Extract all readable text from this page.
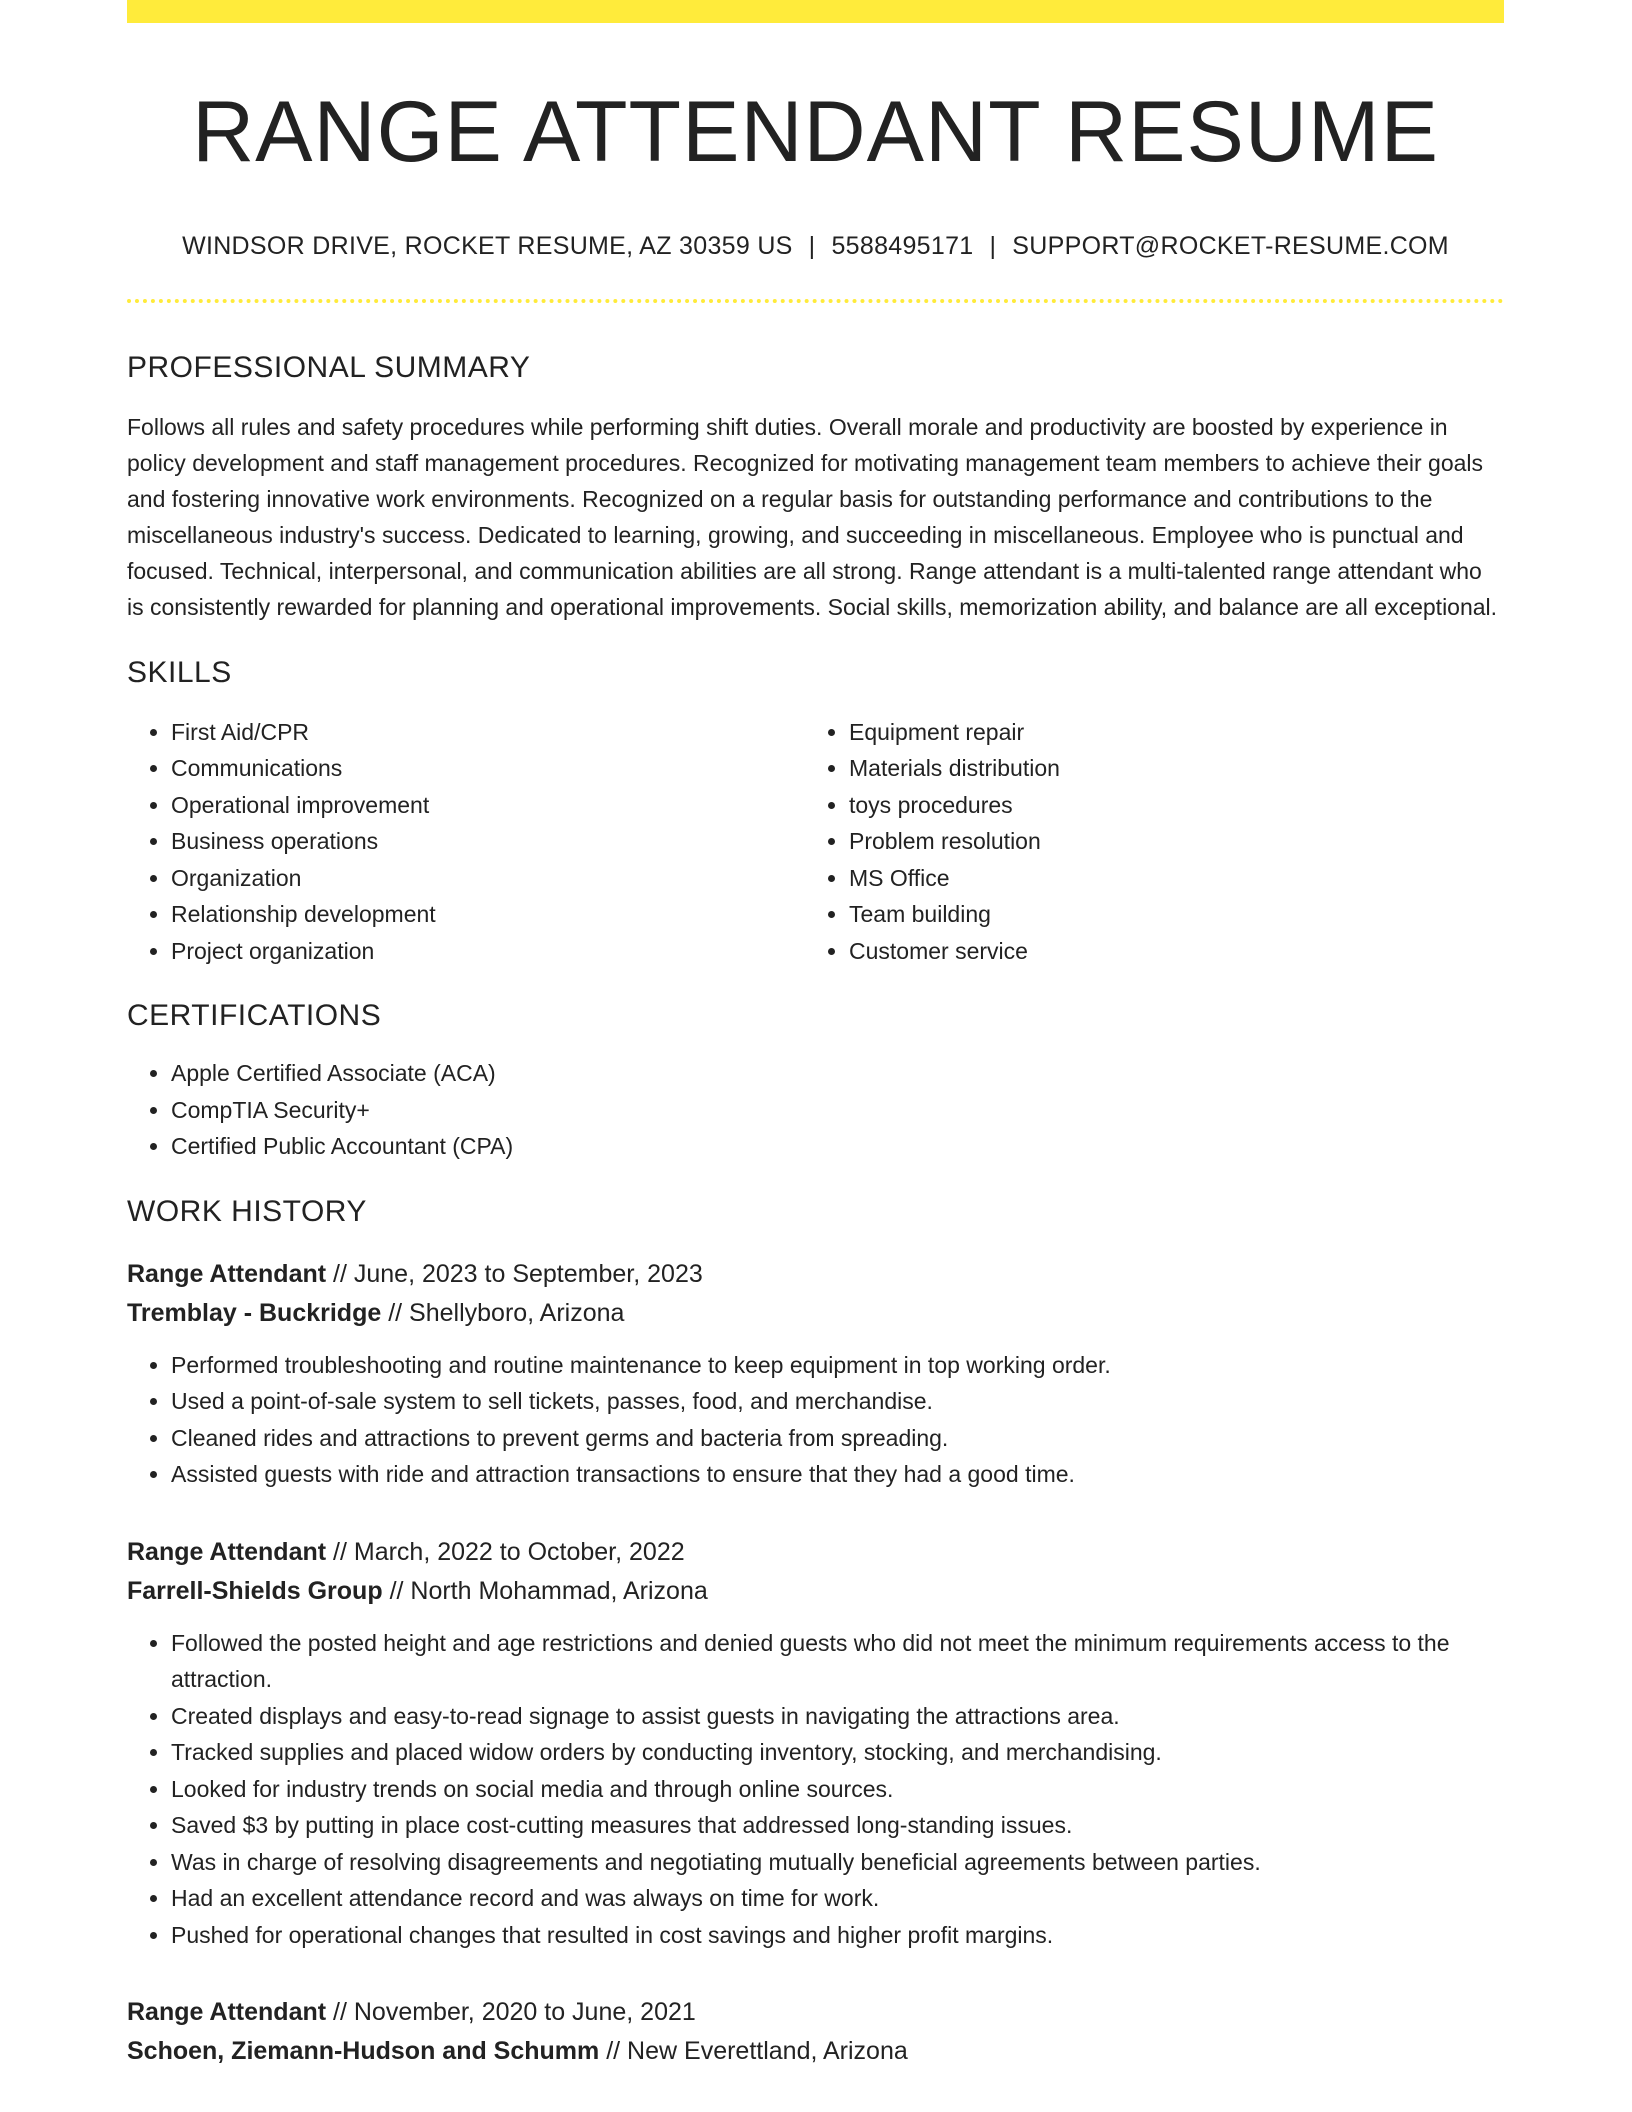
RANGE ATTENDANT RESUME
WINDSOR DRIVE, ROCKET RESUME, AZ 30359 US | 5588495171 | SUPPORT@ROCKET-RESUME.COM
PROFESSIONAL SUMMARY

Follows all rules and safety procedures while performing shift duties. Overall morale and productivity are boosted by experience in policy development and staff management procedures. Recognized for motivating management team members to achieve their goals and fostering innovative work environments. Recognized on a regular basis for outstanding performance and contributions to the miscellaneous industry's success. Dedicated to learning, growing, and succeeding in miscellaneous. Employee who is punctual and focused. Technical, interpersonal, and communication abilities are all strong. Range attendant is a multi-talented range attendant who is consistently rewarded for planning and operational improvements. Social skills, memorization ability, and balance are all exceptional.

SKILLS
• First Aid/CPR
• Communications
• Operational improvement
• Business operations
• Organization
• Relationship development
• Project organization
• Equipment repair
• Materials distribution
• toys procedures
• Problem resolution
• MS Office
• Team building
• Customer service
CERTIFICATIONS
• Apple Certified Associate (ACA)
• CompTIA Security+
• Certified Public Accountant (CPA)
WORK HISTORY
Range Attendant // June, 2023 to September, 2023
Tremblay - Buckridge // Shellyboro, Arizona
• Performed troubleshooting and routine maintenance to keep equipment in top working order.
• Used a point-of-sale system to sell tickets, passes, food, and merchandise.
• Cleaned rides and attractions to prevent germs and bacteria from spreading.
• Assisted guests with ride and attraction transactions to ensure that they had a good time.
Range Attendant // March, 2022 to October, 2022
Farrell-Shields Group // North Mohammad, Arizona
• Followed the posted height and age restrictions and denied guests who did not meet the minimum requirements access to the attraction.
• Created displays and easy-to-read signage to assist guests in navigating the attractions area.
• Tracked supplies and placed widow orders by conducting inventory, stocking, and merchandising.
• Looked for industry trends on social media and through online sources.
• Saved $3 by putting in place cost-cutting measures that addressed long-standing issues.
• Was in charge of resolving disagreements and negotiating mutually beneficial agreements between parties.
• Had an excellent attendance record and was always on time for work.
• Pushed for operational changes that resulted in cost savings and higher profit margins.
Range Attendant // November, 2020 to June, 2021
Schoen, Ziemann-Hudson and Schumm // New Everettland, Arizona
